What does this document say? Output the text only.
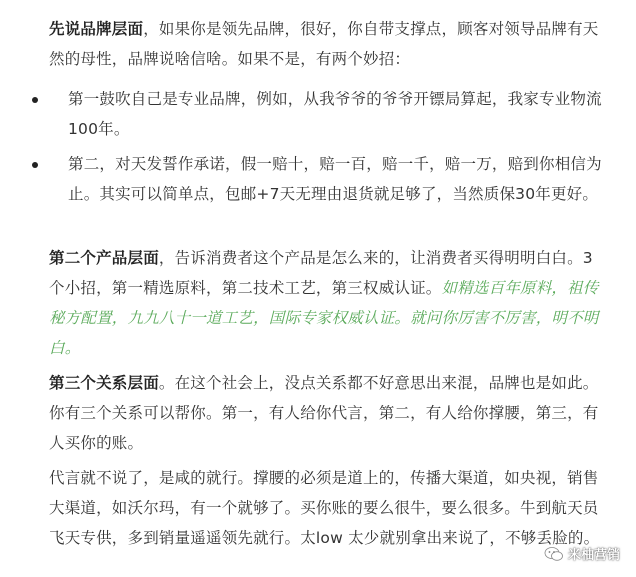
先说品牌层面，如果你是领先品牌，很好，你自带支撑点，顾客对领导品牌有天然的母性，品牌说啥信啥。如果不是，有两个妙招：

第一鼓吹自己是专业品牌，例如，从我爷爷的爷爷开镖局算起，我家专业物流100年。

第二，对天发誓作承诺，假一赔十，赔一百，赔一千，赔一万，赔到你相信为止。其实可以简单点，包邮+7天无理由退货就足够了，当然质保30年更好。

第二个产品层面，告诉消费者这个产品是怎么来的，让消费者买得明明白白。3个小招，第一精选原料，第二技术工艺，第三权威认证。如精选百年原料，祖传秘方配置，九九八十一道工艺，国际专家权威认证。就问你厉害不厉害，明不明白。

第三个关系层面。在这个社会上，没点关系都不好意思出来混，品牌也是如此。你有三个关系可以帮你。第一，有人给你代言，第二，有人给你撑腰，第三，有人买你的账。

代言就不说了，是咸的就行。撑腰的必须是道上的，传播大渠道，如央视，销售大渠道，如沃尔玛，有一个就够了。买你账的要么很牛，要么很多。牛到航天员飞天专供，多到销量遥遥领先就行。太low 太少就别拿出来说了，不够丢脸的。

米柚营销
